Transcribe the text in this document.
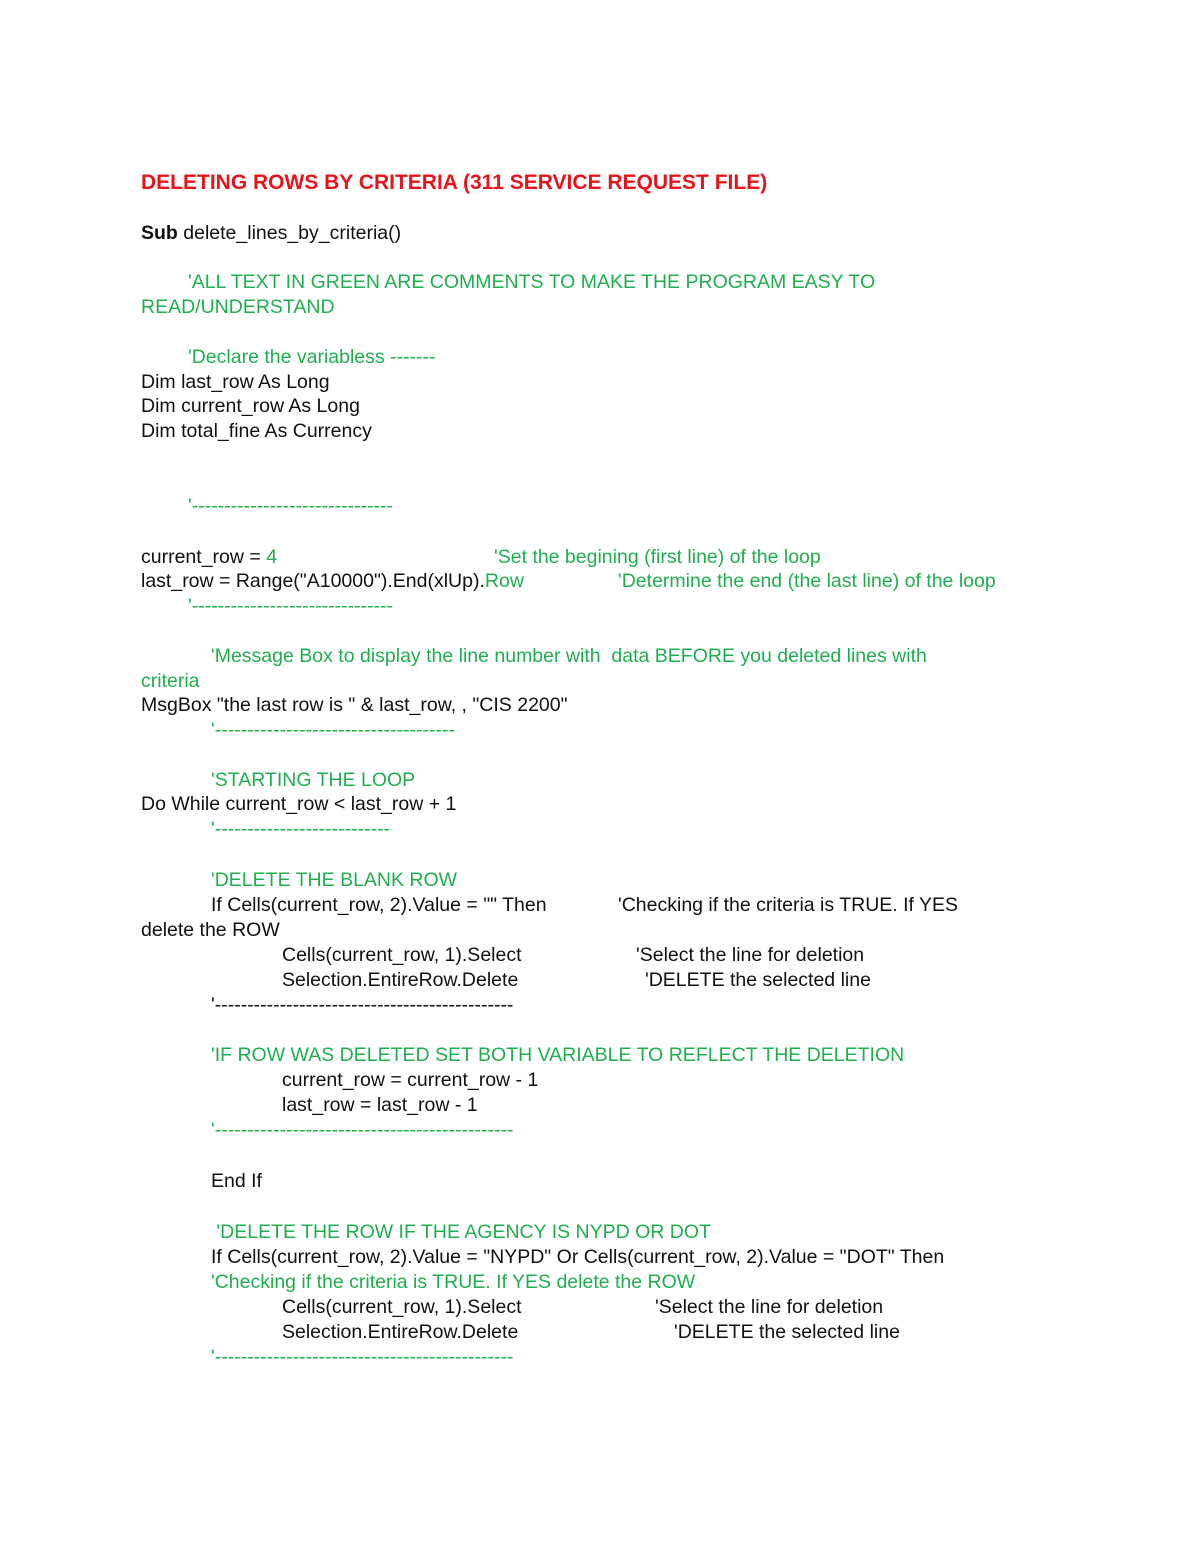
DELETING ROWS BY CRITERIA (311 SERVICE REQUEST FILE)
Sub delete_lines_by_criteria()
'ALL TEXT IN GREEN ARE COMMENTS TO MAKE THE PROGRAM EASY TO
READ/UNDERSTAND
'Declare the variabless -------
Dim last_row As Long
Dim current_row As Long
Dim total_fine As Currency
'-------------------------------
current_row = 4	'Set the begining (first line) of the loop
last_row = Range("A10000").End(xlUp).Row	'Determine the end (the last line) of the loop
'-------------------------------
'Message Box to display the line number with  data BEFORE you deleted lines with
criteria
MsgBox "the last row is " & last_row, , "CIS 2200"
'-------------------------------------
'STARTING THE LOOP
Do While current_row < last_row + 1
'---------------------------
'DELETE THE BLANK ROW
If Cells(current_row, 2).Value = "" Then	'Checking if the criteria is TRUE. If YES
delete the ROW
Cells(current_row, 1).Select	'Select the line for deletion
Selection.EntireRow.Delete	'DELETE the selected line
'----------------------------------------------
'IF ROW WAS DELETED SET BOTH VARIABLE TO REFLECT THE DELETION
current_row = current_row - 1
last_row = last_row - 1
'----------------------------------------------
End If
'DELETE THE ROW IF THE AGENCY IS NYPD OR DOT
If Cells(current_row, 2).Value = "NYPD" Or Cells(current_row, 2).Value = "DOT" Then
'Checking if the criteria is TRUE. If YES delete the ROW
Cells(current_row, 1).Select	'Select the line for deletion
Selection.EntireRow.Delete	'DELETE the selected line
'----------------------------------------------
